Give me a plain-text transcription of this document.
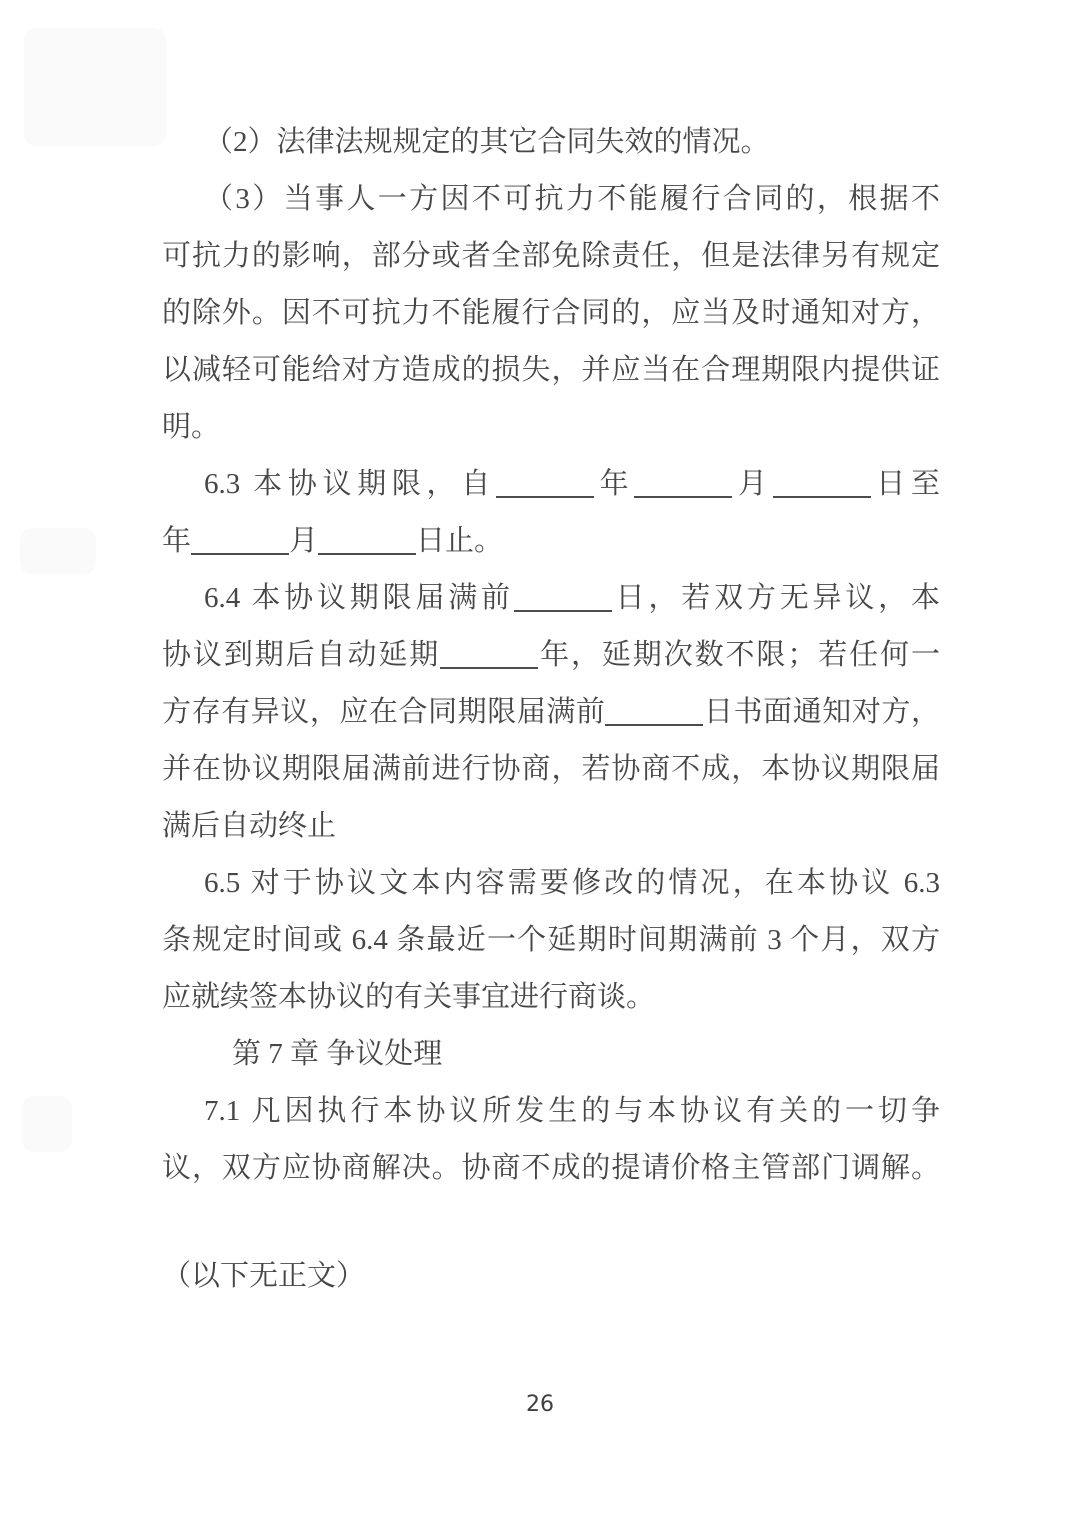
（2）法律法规规定的其它合同失效的情况。
（3）当事人一方因不可抗力不能履行合同的，根据不
可抗力的影响，部分或者全部免除责任，但是法律另有规定
的除外。因不可抗力不能履行合同的，应当及时通知对方，
以减轻可能给对方造成的损失，并应当在合理期限内提供证
明。
6.3 本协议期限，自	年	月	日至
年	月	日止。
6.4 本协议期限届满前	日，若双方无异议，本
协议到期后自动延期	年，延期次数不限；若任何一
方存有异议，应在合同期限届满前	日书面通知对方，
并在协议期限届满前进行协商，若协商不成，本协议期限届
满后自动终止
6.5 对于协议文本内容需要修改的情况，在本协议 6.3
条规定时间或 6.4 条最近一个延期时间期满前 3 个月，双方
应就续签本协议的有关事宜进行商谈。
第 7 章 争议处理
7.1 凡因执行本协议所发生的与本协议有关的一切争
议，双方应协商解决。协商不成的提请价格主管部门调解。
（以下无正文）
26
